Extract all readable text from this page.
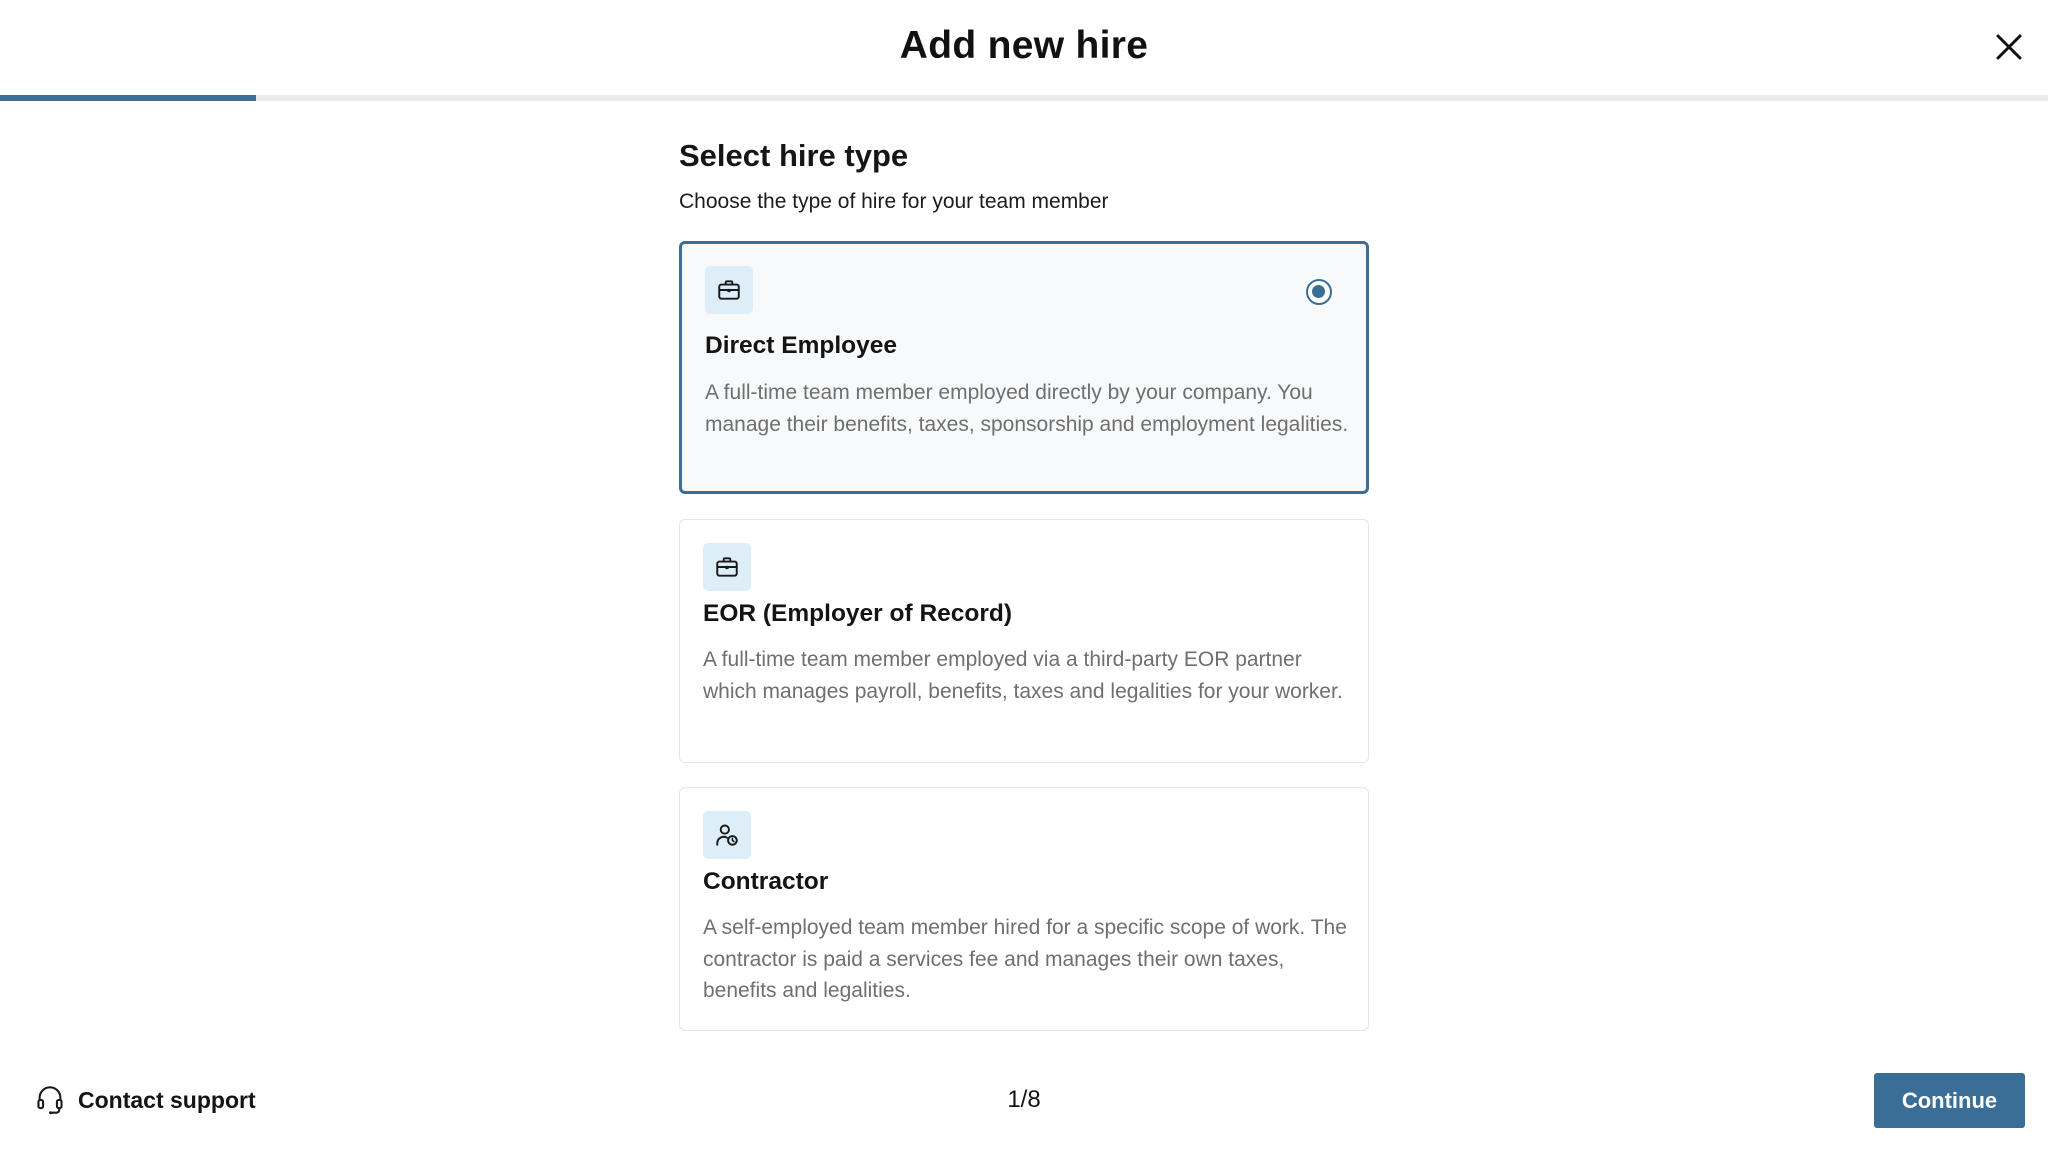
Add new hire
Select hire type
Choose the type of hire for your team member
Direct Employee
A full-time team member employed directly by your company. You manage their benefits, taxes, sponsorship and employment legalities.
EOR (Employer of Record)
A full-time team member employed via a third-party EOR partner which manages payroll, benefits, taxes and legalities for your worker.
Contractor
A self-employed team member hired for a specific scope of work. The contractor is paid a services fee and manages their own taxes, benefits and legalities.
Contact support	1/8	Continue
